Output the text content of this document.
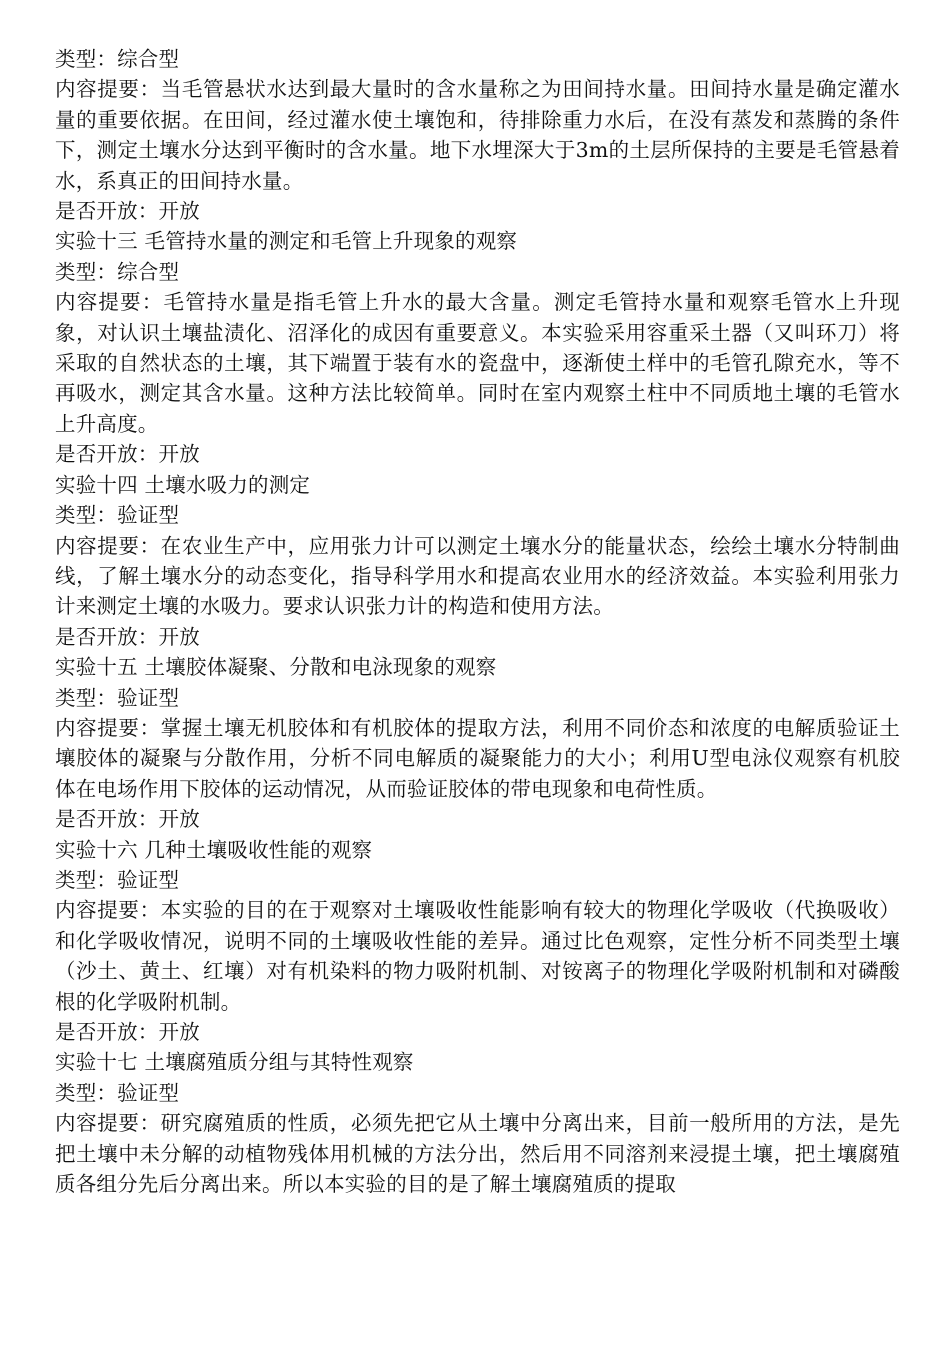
类型：综合型

内容提要：当毛管悬状水达到最大量时的含水量称之为田间持水量。田间持水量是确定灌水量的重要依据。在田间，经过灌水使土壤饱和，待排除重力水后，在没有蒸发和蒸腾的条件下，测定土壤水分达到平衡时的含水量。地下水埋深大于3m的土层所保持的主要是毛管悬着水，系真正的田间持水量。

是否开放：开放

实验十三 毛管持水量的测定和毛管上升现象的观察

类型：综合型

内容提要：毛管持水量是指毛管上升水的最大含量。测定毛管持水量和观察毛管水上升现象，对认识土壤盐渍化、沼泽化的成因有重要意义。本实验采用容重采土器（又叫环刀）将采取的自然状态的土壤，其下端置于装有水的瓷盘中，逐渐使土样中的毛管孔隙充水，等不再吸水，测定其含水量。这种方法比较简单。同时在室内观察土柱中不同质地土壤的毛管水上升高度。

是否开放：开放

实验十四 土壤水吸力的测定

类型：验证型

内容提要：在农业生产中，应用张力计可以测定土壤水分的能量状态，绘绘土壤水分特制曲线，了解土壤水分的动态变化，指导科学用水和提高农业用水的经济效益。本实验利用张力计来测定土壤的水吸力。要求认识张力计的构造和使用方法。

是否开放：开放

实验十五 土壤胶体凝聚、分散和电泳现象的观察

类型：验证型

内容提要：掌握土壤无机胶体和有机胶体的提取方法，利用不同价态和浓度的电解质验证土壤胶体的凝聚与分散作用，分析不同电解质的凝聚能力的大小；利用U型电泳仪观察有机胶体在电场作用下胶体的运动情况，从而验证胶体的带电现象和电荷性质。

是否开放：开放

实验十六 几种土壤吸收性能的观察

类型：验证型

内容提要：本实验的目的在于观察对土壤吸收性能影响有较大的物理化学吸收（代换吸收）和化学吸收情况，说明不同的土壤吸收性能的差异。通过比色观察，定性分析不同类型土壤（沙土、黄土、红壤）对有机染料的物力吸附机制、对铵离子的物理化学吸附机制和对磷酸根的化学吸附机制。

是否开放：开放

实验十七 土壤腐殖质分组与其特性观察

类型：验证型

内容提要：研究腐殖质的性质，必须先把它从土壤中分离出来，目前一般所用的方法，是先把土壤中未分解的动植物残体用机械的方法分出，然后用不同溶剂来浸提土壤，把土壤腐殖质各组分先后分离出来。所以本实验的目的是了解土壤腐殖质的提取
